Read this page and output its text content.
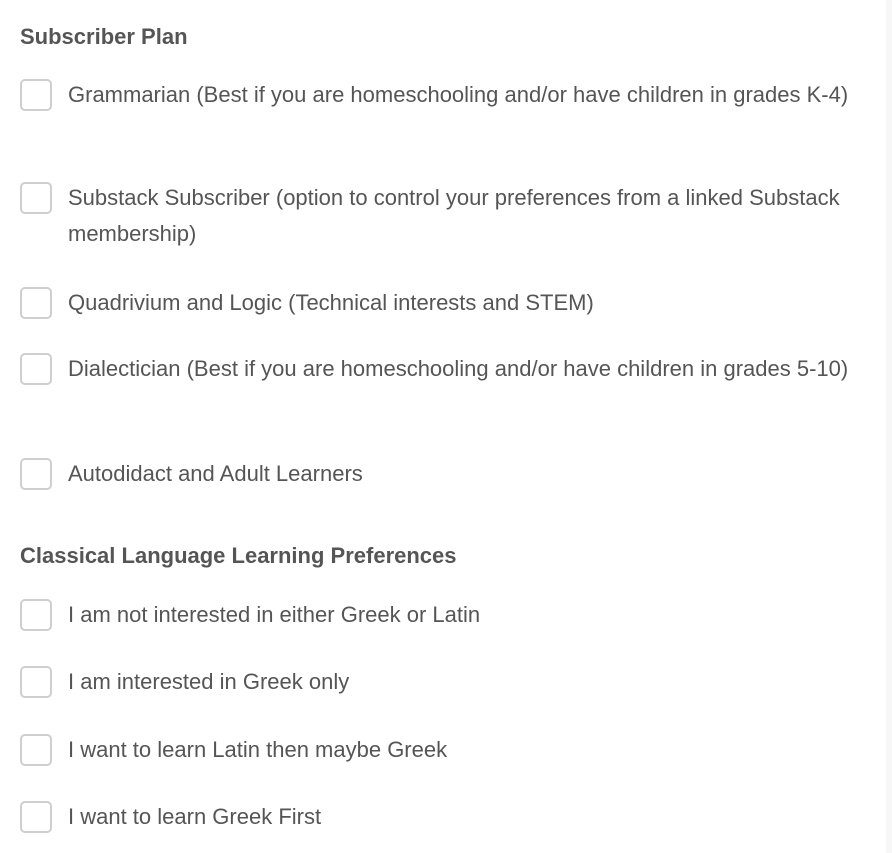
Subscriber Plan
Grammarian (Best if you are homeschooling and/or have children in grades K-4)
Substack Subscriber (option to control your preferences from a linked Substack membership)
Quadrivium and Logic (Technical interests and STEM)
Dialectician (Best if you are homeschooling and/or have children in grades 5-10)
Autodidact and Adult Learners
Classical Language Learning Preferences
I am not interested in either Greek or Latin
I am interested in Greek only
I want to learn Latin then maybe Greek
I want to learn Greek First
